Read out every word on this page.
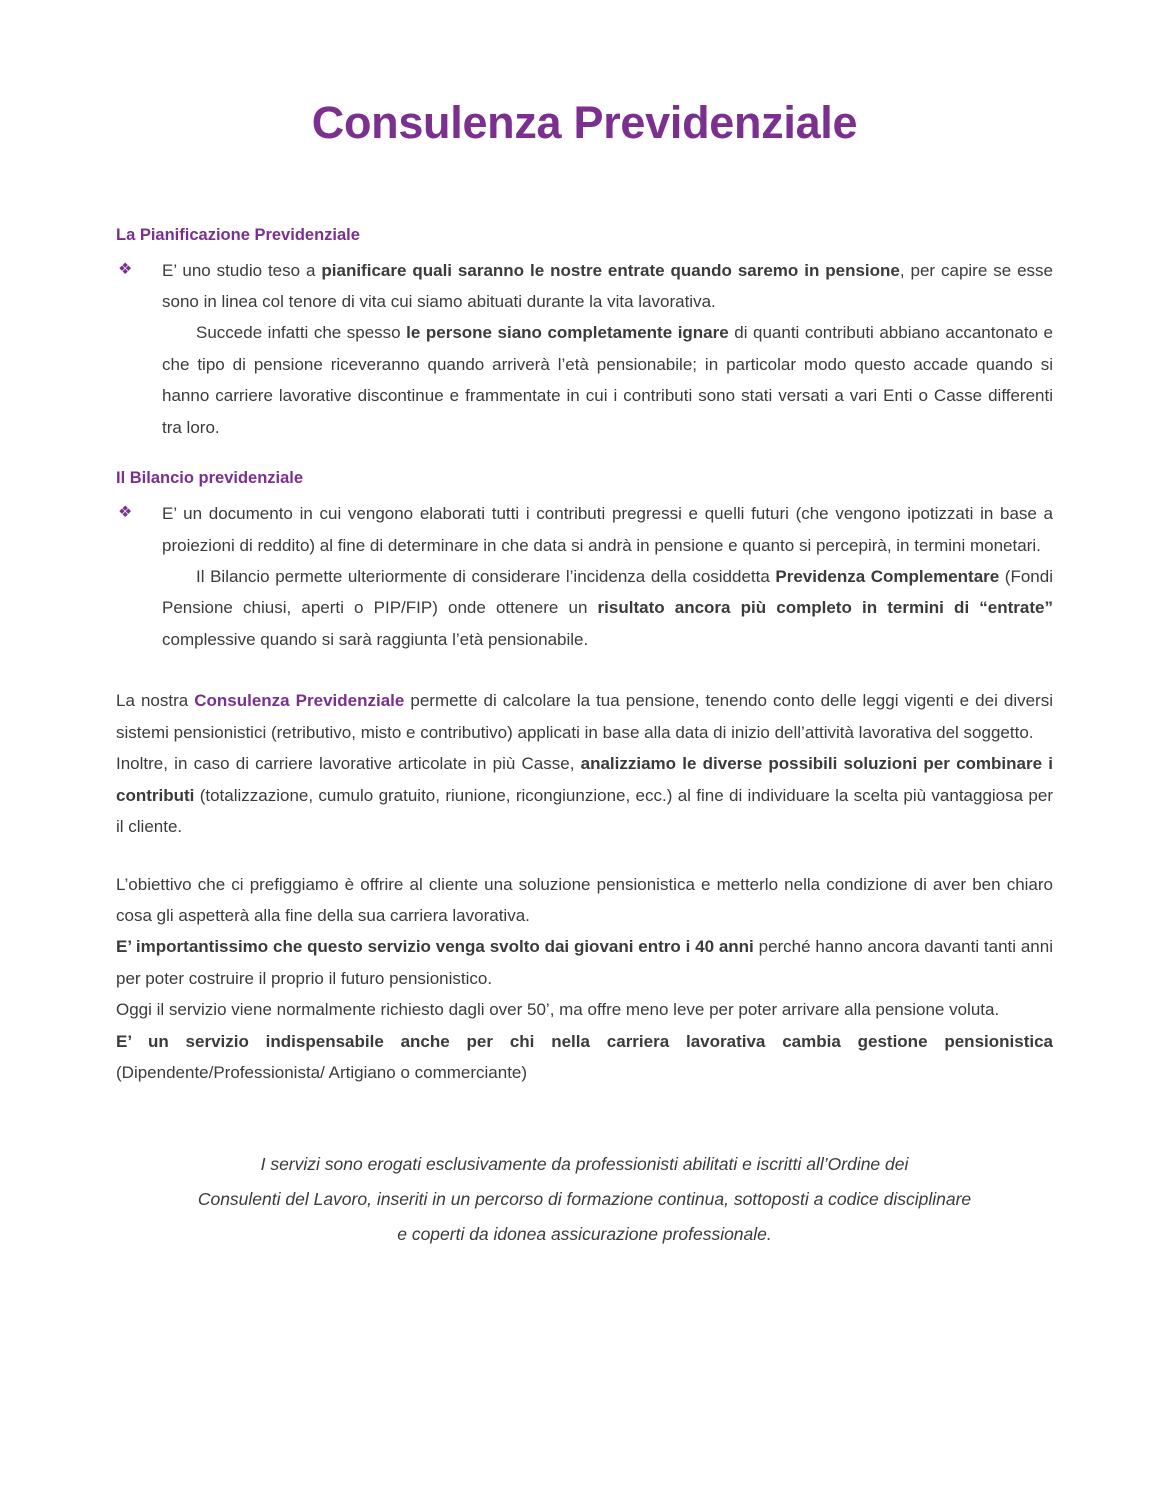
Consulenza Previdenziale
La Pianificazione Previdenziale
❖	E’ uno studio teso a pianificare quali saranno le nostre entrate quando saremo in pensione, per capire se esse sono in linea col tenore di vita cui siamo abituati durante la vita lavorativa.

Succede infatti che spesso le persone siano completamente ignare di quanti contributi abbiano accantonato e che tipo di pensione riceveranno quando arriverà l’età pensionabile; in particolar modo questo accade quando si hanno carriere lavorative discontinue e frammentate in cui i contributi sono stati versati a vari Enti o Casse differenti tra loro.

Il Bilancio previdenziale
❖	E’ un documento in cui vengono elaborati tutti i contributi pregressi e quelli futuri (che vengono ipotizzati in base a proiezioni di reddito) al fine di determinare in che data si andrà in pensione e quanto si percepirà, in termini monetari.

Il Bilancio permette ulteriormente di considerare l’incidenza della cosiddetta Previdenza Complementare (Fondi Pensione chiusi, aperti o PIP/FIP) onde ottenere un risultato ancora più completo in termini di “entrate” complessive quando si sarà raggiunta l’età pensionabile.

La nostra Consulenza Previdenziale permette di calcolare la tua pensione, tenendo conto delle leggi vigenti e dei diversi sistemi pensionistici (retributivo, misto e contributivo) applicati in base alla data di inizio dell’attività lavorativa del soggetto.

Inoltre, in caso di carriere lavorative articolate in più Casse, analizziamo le diverse possibili soluzioni per combinare i contributi (totalizzazione, cumulo gratuito, riunione, ricongiunzione, ecc.) al fine di individuare la scelta più vantaggiosa per il cliente.

L’obiettivo che ci prefiggiamo è offrire al cliente una soluzione pensionistica e metterlo nella condizione di aver ben chiaro cosa gli aspetterà alla fine della sua carriera lavorativa.

E’ importantissimo che questo servizio venga svolto dai giovani entro i 40 anni perché hanno ancora davanti tanti anni per poter costruire il proprio il futuro pensionistico.

Oggi il servizio viene normalmente richiesto dagli over 50’, ma offre meno leve per poter arrivare alla pensione voluta.

E’ un servizio indispensabile anche per chi nella carriera lavorativa cambia gestione pensionistica (Dipendente/Professionista/ Artigiano o commerciante)

I servizi sono erogati esclusivamente da professionisti abilitati e iscritti all’Ordine dei
Consulenti del Lavoro, inseriti in un percorso di formazione continua, sottoposti a codice disciplinare
e coperti da idonea assicurazione professionale.
